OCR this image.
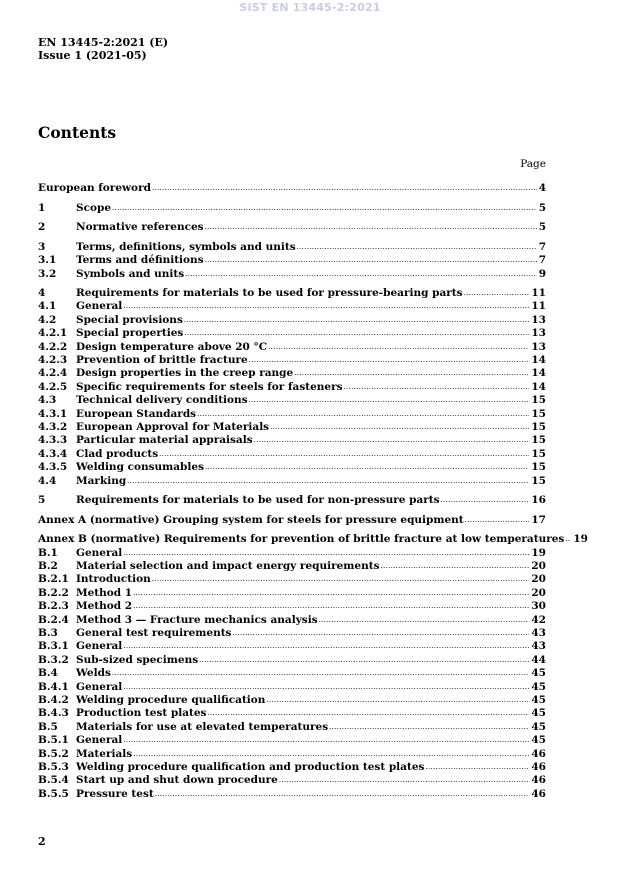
SIST EN 13445-2:2021
EN 13445-2:2021 (E)
Issue 1 (2021-05)
Contents
Page
European foreword .....	4
1	Scope .....	5
2	Normative references .....	5
3	Terms, definitions, symbols and units .....	7
3.1	Terms and définitions .....	7
3.2	Symbols and units .....	9
4	Requirements for materials to be used for pressure-bearing parts .....	11
4.1	General .....	11
4.2	Special provisions .....	13
4.2.1 Special properties .....	13
4.2.2 Design temperature above 20 °C .....	13
4.2.3 Prevention of brittle fracture .....	14
4.2.4 Design properties in the creep range .....	14
4.2.5 Specific requirements for steels for fasteners .....	14
4.3	Technical delivery conditions .....	15
4.3.1 European Standards .....	15
4.3.2 European Approval for Materials .....	15
4.3.3 Particular material appraisals .....	15
4.3.4 Clad products .....	15
4.3.5 Welding consumables .....	15
4.4	Marking .....	15
5	Requirements for materials to be used for non-pressure parts .....	16
Annex A (normative) Grouping system for steels for pressure equipment .....	17
Annex B (normative) Requirements for prevention of brittle fracture at low temperatures ..... 19
B.1	General .....	19
B.2	Material selection and impact energy requirements .....	20
B.2.1 Introduction .....	20
B.2.2 Method 1 .....	20
B.2.3 Method 2 .....	30
B.2.4 Method 3 — Fracture mechanics analysis .....	42
B.3	General test requirements .....	43
B.3.1 General .....	43
B.3.2 Sub-sized specimens .....	44
B.4	Welds .....	45
B.4.1 General .....	45
B.4.2 Welding procedure qualification .....	45
B.4.3 Production test plates .....	45
B.5	Materials for use at elevated temperatures .....	45
B.5.1 General .....	45
B.5.2 Materials .....	46
B.5.3 Welding procedure qualification and production test plates .....	46
B.5.4 Start up and shut down procedure .....	46
B.5.5 Pressure test .....	46
2
